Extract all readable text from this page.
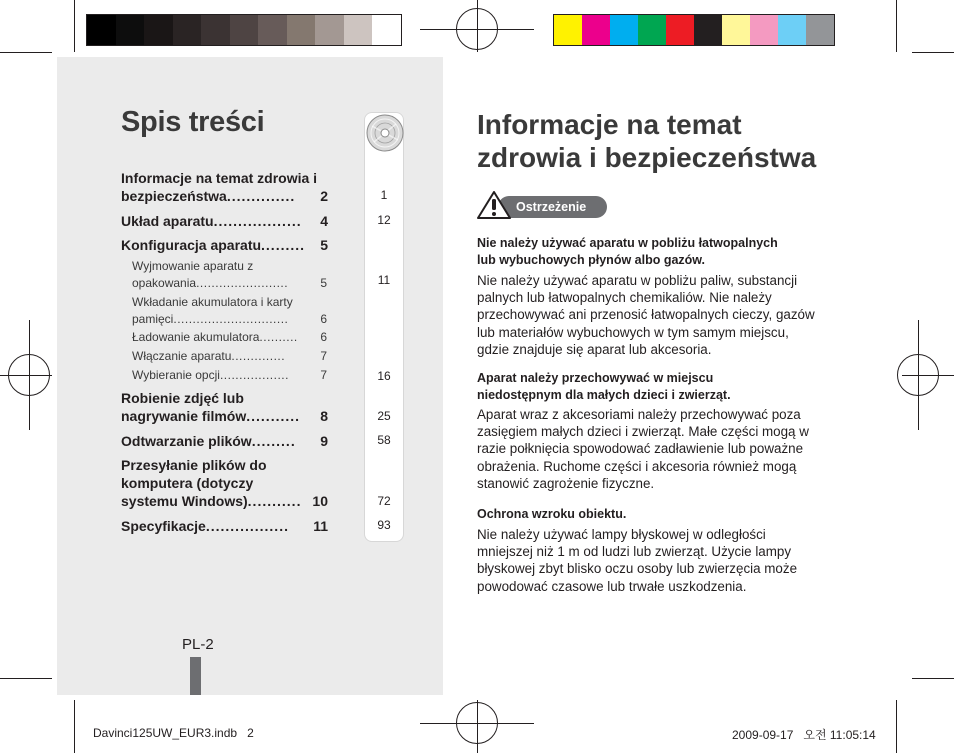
Spis treści
Informacje na temat zdrowia i
bezpieczeństwa ..............	2
Układ aparatu ..................	4
Konfiguracja aparatu .........	5
Robienie zdjęć lub
nagrywanie filmów ...........	8
Odtwarzanie plików .........	9
Przesyłanie plików do
komputera (dotyczy
systemu Windows) ........... 10
Specyfikacje .................	11
Wyjmowanie aparatu z
opakowania ........................	5
Wkładanie akumulatora i karty
pamięci ..............................	6
Ładowanie akumulatora ..........	6
Włączanie aparatu ..............	7
Wybieranie opcji ..................	7
1
12
11
16
25
58
72
93
PL-2
Informacje na temat
zdrowia i bezpieczeństwa
Ostrzeżenie
Nie należy używać aparatu w pobliżu łatwopalnych
lub wybuchowych płynów albo gazów.
Nie należy używać aparatu w pobliżu paliw, substancji
palnych lub łatwopalnych chemikaliów. Nie należy
przechowywać ani przenosić łatwopalnych cieczy, gazów
lub materiałów wybuchowych w tym samym miejscu,
gdzie znajduje się aparat lub akcesoria.
Aparat należy przechowywać w miejscu
niedostępnym dla małych dzieci i zwierząt.
Aparat wraz z akcesoriami należy przechowywać poza
zasięgiem małych dzieci i zwierząt. Małe części mogą w
razie połknięcia spowodować zadławienie lub poważne
obrażenia. Ruchome części i akcesoria również mogą
stanowić zagrożenie fizyczne.
Ochrona wzroku obiektu.
Nie należy używać lampy błyskowej w odległości
mniejszej niż 1 m od ludzi lub zwierząt. Użycie lampy
błyskowej zbyt blisko oczu osoby lub zwierzęcia może
powodować czasowe lub trwałe uszkodzenia.
Davinci125UW_EUR3.indb   2	2009-09-17   오전 11:05:14
